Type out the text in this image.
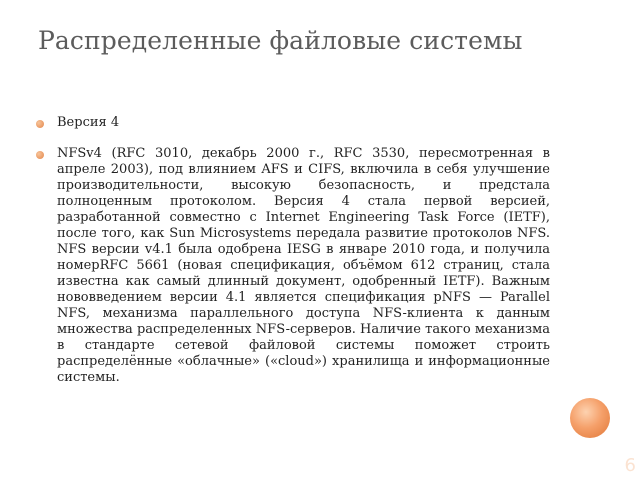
Распределенные файловые системы

Версия 4

NFSv4 (RFC 3010, декабрь 2000 г., RFC 3530, пересмотренная в апреле 2003), под влиянием AFS и CIFS, включила в себя улучшение производительности, высокую безопасность, и предстала полноценным протоколом. Версия 4 стала первой версией, разработанной совместно с Internet Engineering Task Force (IETF), после того, как Sun Microsystems передала развитие протоколов NFS. NFS версии v4.1 была одобрена IESG в январе 2010 года, и получила номерRFC 5661 (новая спецификация, объёмом 612 страниц, стала известна как самый длинный документ, одобренный IETF). Важным нововведением версии 4.1 является спецификация pNFS — Parallel NFS, механизма параллельного доступа NFS-клиента к данным множества распределенных NFS-серверов. Наличие такого механизма в стандарте сетевой файловой системы поможет строить распределённые «облачные» («cloud») хранилища и информационные системы.

6
